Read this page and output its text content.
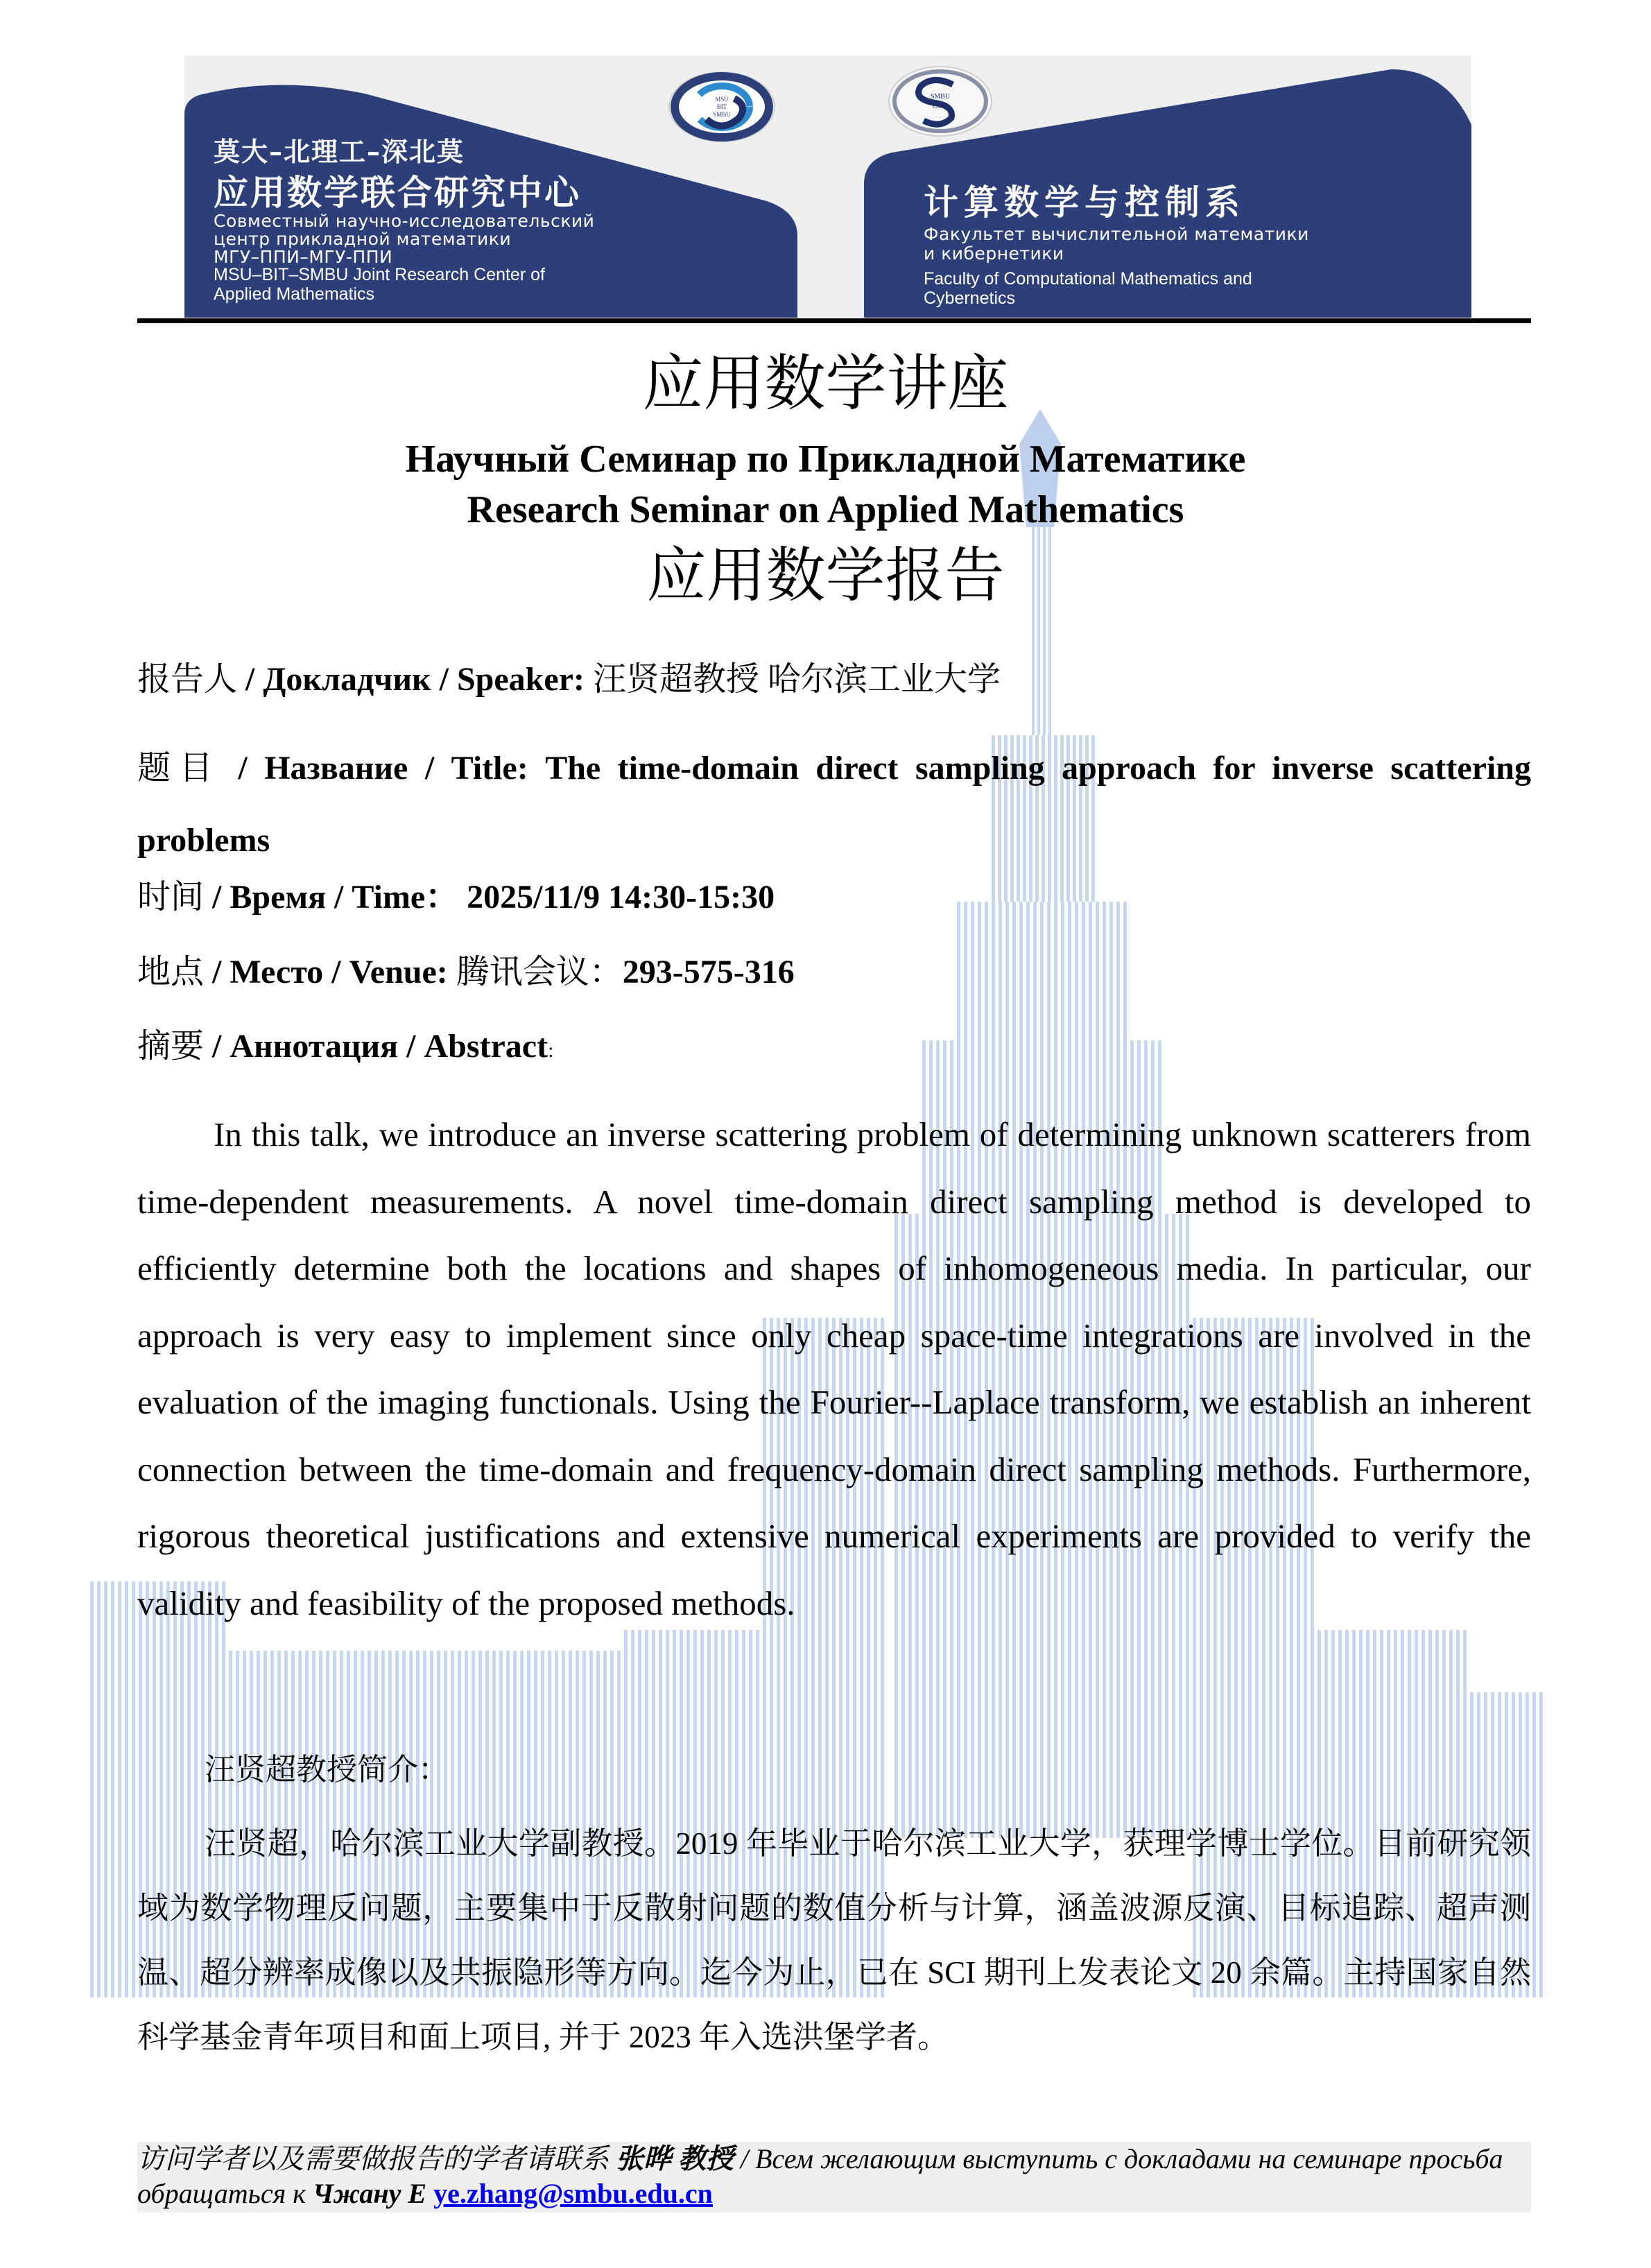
MSU
BIT
SMBU
莫大–北理工–深北莫
应用数学联合研究中心
Совместный научно-исследовательский
центр прикладной математики
МГУ–ППИ–МГУ-ППИ
MSU–BIT–SMBU Joint Research Center of
Applied Mathematics
SMBU
CMC
计算数学与控制系
Факультет вычислительной математики
и кибернетики
Faculty of Computational Mathematics and
Cybernetics
应用数学讲座
Научный Семинар по Прикладной Математике
Research Seminar on Applied Mathematics
应用数学报告
报告人 / Докладчик / Speaker: 汪贤超教授 哈尔滨工业大学
题目 / Название / Title: The time-domain direct sampling approach for inverse scattering problems
时间 / Время / Time： 2025/11/9 14:30-15:30
地点 / Место / Venue: 腾讯会议：293-575-316
摘要 / Аннотация / Abstract:
In this talk, we introduce an inverse scattering problem of determining unknown scatterers from time-dependent measurements. A novel time-domain direct sampling method is developed to efficiently determine both the locations and shapes of inhomogeneous media. In particular, our approach is very easy to implement since only cheap space-time integrations are involved in the evaluation of the imaging functionals. Using the Fourier--Laplace transform, we establish an inherent connection between the time-domain and frequency-domain direct sampling methods. Furthermore, rigorous theoretical justifications and extensive numerical experiments are provided to verify the validity and feasibility of the proposed methods.
汪贤超教授简介：
汪贤超，哈尔滨工业大学副教授。2019 年毕业于哈尔滨工业大学，获理学博士学位。目前研究领域为数学物理反问题，主要集中于反散射问题的数值分析与计算，涵盖波源反演、目标追踪、超声测温、超分辨率成像以及共振隐形等方向。迄今为止，已在 SCI 期刊上发表论文 20 余篇。主持国家自然科学基金青年项目和面上项目, 并于 2023 年入选洪堡学者。
访问学者以及需要做报告的学者请联系 张晔 教授 / Всем желающим выступить с докладами на семинаре просьба обращаться к Чжану Е ye.zhang@smbu.edu.cn
